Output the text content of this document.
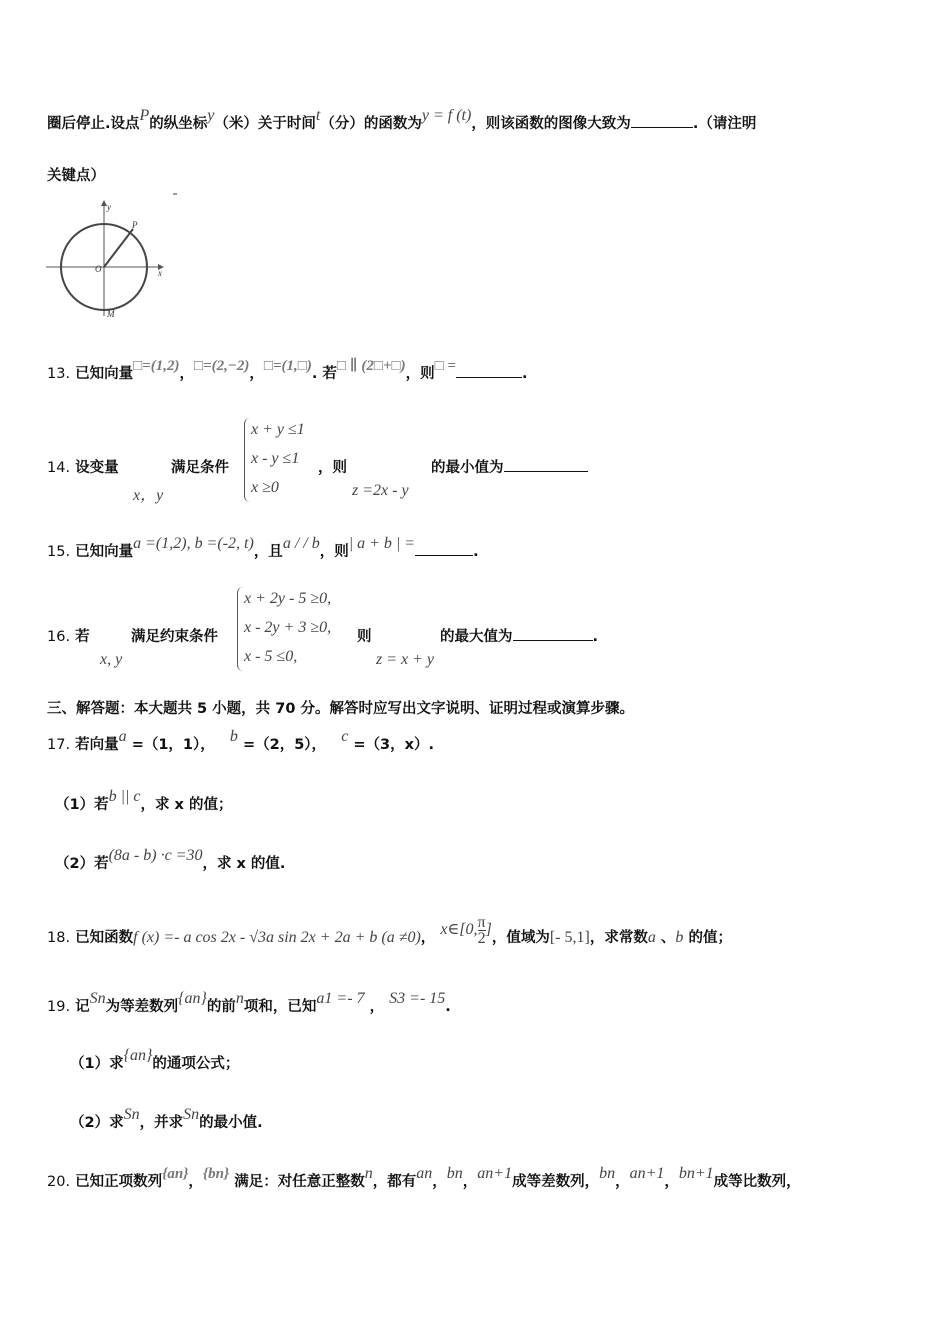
圈后停止.设点P的纵坐标y（米）关于时间t（分）的函数为y = f (t)，则该函数的图像大致为	.（请注明
关键点）
y
P
O	x
M
13. 已知向量□=(1,2)，□=(2,−2)，□=(1,□). 若□ ∥ (2□+□)，则□ =	.
14. 设变量
x，y
满足条件
x + y ≤1
x - y ≤1
x ≥0
，则
z =2x - y
的最小值为
15. 已知向量a =(1,2), b =(-2, t)，且a / / b，则| a + b | =	.
16. 若
x, y
满足约束条件
x + 2y - 5 ≥0,
x - 2y + 3 ≥0,
x - 5 ≤0,
则
z = x + y
的最大值为	.
三、解答题：本大题共 5 小题，共 70 分。解答时应写出文字说明、证明过程或演算步骤。
17. 若向量a =（1，1）， b =（2，5）， c =（3，x）.
（1）若b || c，求 x 的值；
（2）若(8a - b) ·c =30，求 x 的值.
18. 已知函数f (x) =- a cos 2x - √3a sin 2x + 2a + b (a ≠0)， x∈[0, $\frac{\pi}{2}$ ]，值域为[- 5,1]，求常数a 、b 的值；
19. 记Sn为等差数列{an}的前n项和，已知a1 =- 7 ， S3 =- 15.
（1）求{an}的通项公式；
（2）求Sn，并求Sn的最小值.
20. 已知正项数列{an}，{bn} 满足：对任意正整数n，都有an，bn，an+1成等差数列，bn，an+1，bn+1成等比数列，
